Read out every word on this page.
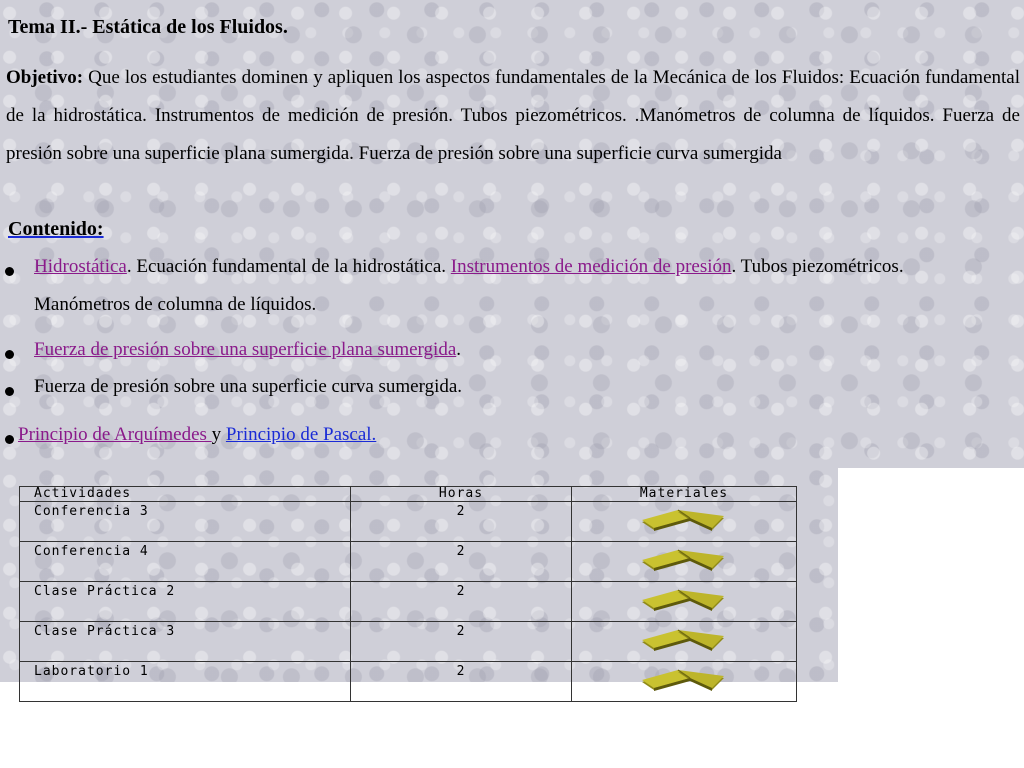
Tema II.- Estática de los Fluidos.
Objetivo: Que los estudiantes dominen y apliquen los aspectos fundamentales de la Mecánica de los Fluidos: Ecuación fundamental de la hidrostática. Instrumentos de medición de presión. Tubos piezométricos. .Manómetros de columna de líquidos. Fuerza de presión sobre una superficie plana sumergida. Fuerza de presión sobre una superficie curva sumergida
Contenido:
Hidrostática. Ecuación fundamental de la hidrostática. Instrumentos de medición de presión. Tubos piezométricos.
Manómetros de columna de líquidos.
Fuerza de presión sobre una superficie plana sumergida.
Fuerza de presión sobre una superficie curva sumergida.
Principio de Arquímedes y Principio de Pascal.
Actividades	Horas	Materiales
Conferencia 3	2	
Conferencia 4	2	
Clase Práctica 2	2	
Clase Práctica 3	2	
Laboratorio 1	2	
